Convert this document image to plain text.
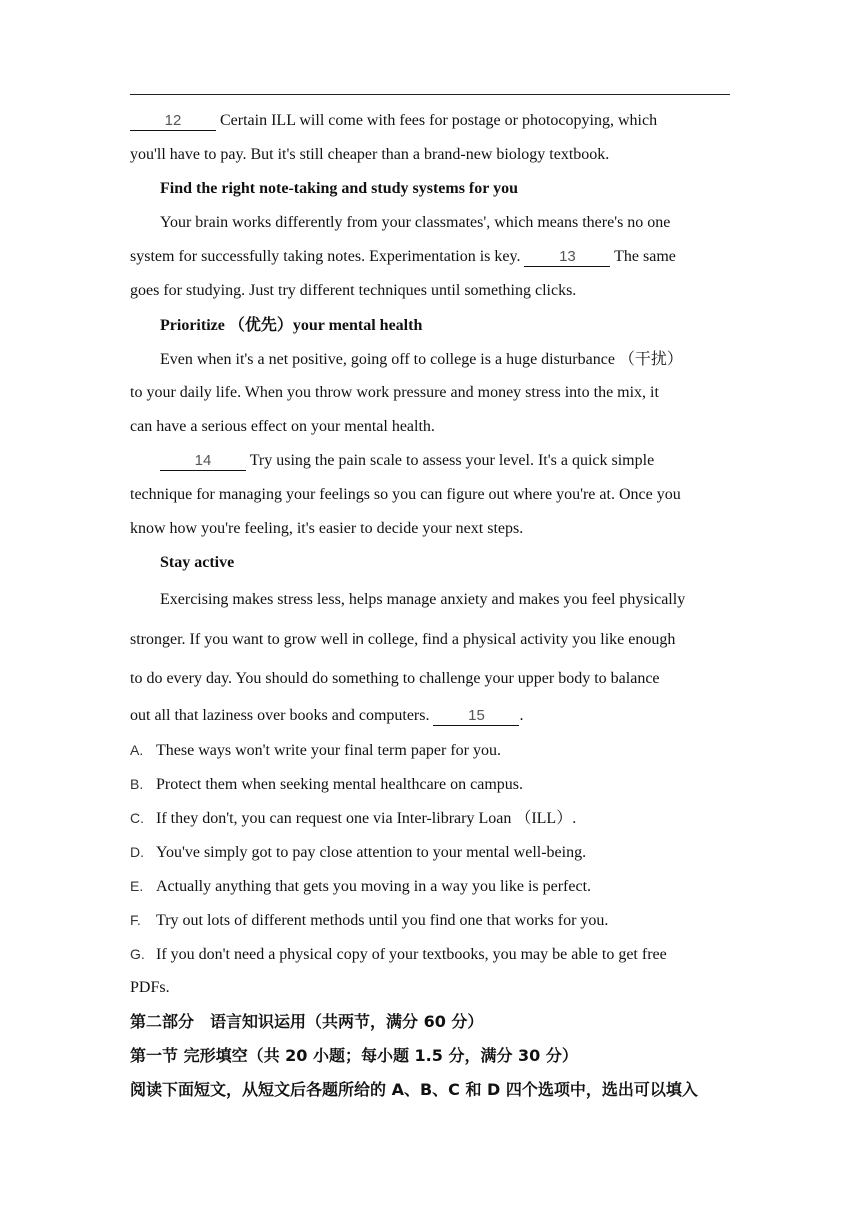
12 Certain ILL will come with fees for postage or photocopying, which
you'll have to pay. But it's still cheaper than a brand-new biology textbook.
Find the right note-taking and study systems for you
Your brain works differently from your classmates', which means there's no one
system for successfully taking notes. Experimentation is key. 13 The same
goes for studying. Just try different techniques until something clicks.
Prioritize （优先）your mental health
Even when it's a net positive, going off to college is a huge disturbance （干扰）
to your daily life. When you throw work pressure and money stress into the mix, it
can have a serious effect on your mental health.
14 Try using the pain scale to assess your level. It's a quick simple
technique for managing your feelings so you can figure out where you're at. Once you
know how you're feeling, it's easier to decide your next steps.
Stay active
Exercising makes stress less, helps manage anxiety and makes you feel physically
stronger. If you want to grow well in college, find a physical activity you like enough
to do every day. You should do something to challenge your upper body to balance
out all that laziness over books and computers. 15 .
A. These ways won't write your final term paper for you.
B. Protect them when seeking mental healthcare on campus.
C. If they don't, you can request one via Inter-library Loan （ILL）.
D. You've simply got to pay close attention to your mental well-being.
E. Actually anything that gets you moving in a way you like is perfect.
F. Try out lots of different methods until you find one that works for you.
G. If you don't need a physical copy of your textbooks, you may be able to get free
PDFs.
第二部分　语言知识运用（共两节，满分 60 分）
第一节 完形填空（共 20 小题；每小题 1.5 分，满分 30 分）
阅读下面短文，从短文后各题所给的 A、B、C 和 D 四个选项中，选出可以填入
